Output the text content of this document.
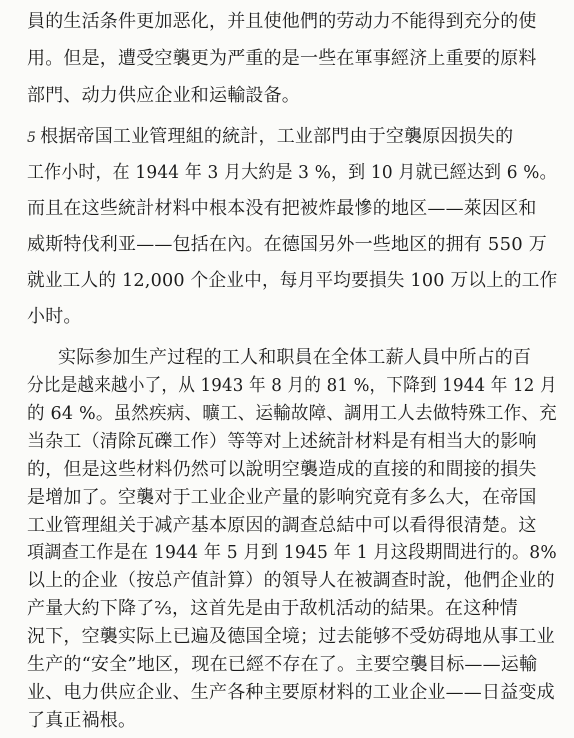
員的生活条件更加恶化，并且使他們的劳动力不能得到充分的使
用。但是，遭受空襲更为严重的是一些在軍事經济上重要的原料
部門、动力供应企业和运輸設备。
5 根据帝国工业管理組的統計，工业部門由于空襲原因损失的
工作小时，在 1944 年 3 月大約是 3 %，到 10 月就已經达到 6 %。
而且在这些統計材料中根本没有把被炸最慘的地区——萊因区和
威斯特伐利亚——包括在內。在德国另外一些地区的拥有 550 万
就业工人的 12,000 个企业中，每月平均要損失 100 万以上的工作
小时。
实际参加生产过程的工人和职員在全体工薪人員中所占的百
分比是越来越小了，从 1943 年 8 月的 81 %，下降到 1944 年 12 月
的 64 %。虽然疾病、曠工、运輸故障、調用工人去做特殊工作、充
当杂工（清除瓦礫工作）等等对上述統計材料是有相当大的影响
的，但是这些材料仍然可以說明空襲造成的直接的和間接的損失
是增加了。空襲对于工业企业产量的影响究竟有多么大，在帝国
工业管理組关于减产基本原因的調查总結中可以看得很清楚。这
項調查工作是在 1944 年 5 月到 1945 年 1 月这段期間进行的。8%
以上的企业（按总产值計算）的領导人在被調查时說，他們企业的
产量大約下降了⅔，这首先是由于敌机活动的結果。在这种情
況下，空襲实际上已遍及德国全境；过去能够不受妨碍地从事工业
生产的“安全”地区，现在已經不存在了。主要空襲目标——运輸
业、电力供应企业、生产各种主要原材料的工业企业——日益变成
了真正禍根。
